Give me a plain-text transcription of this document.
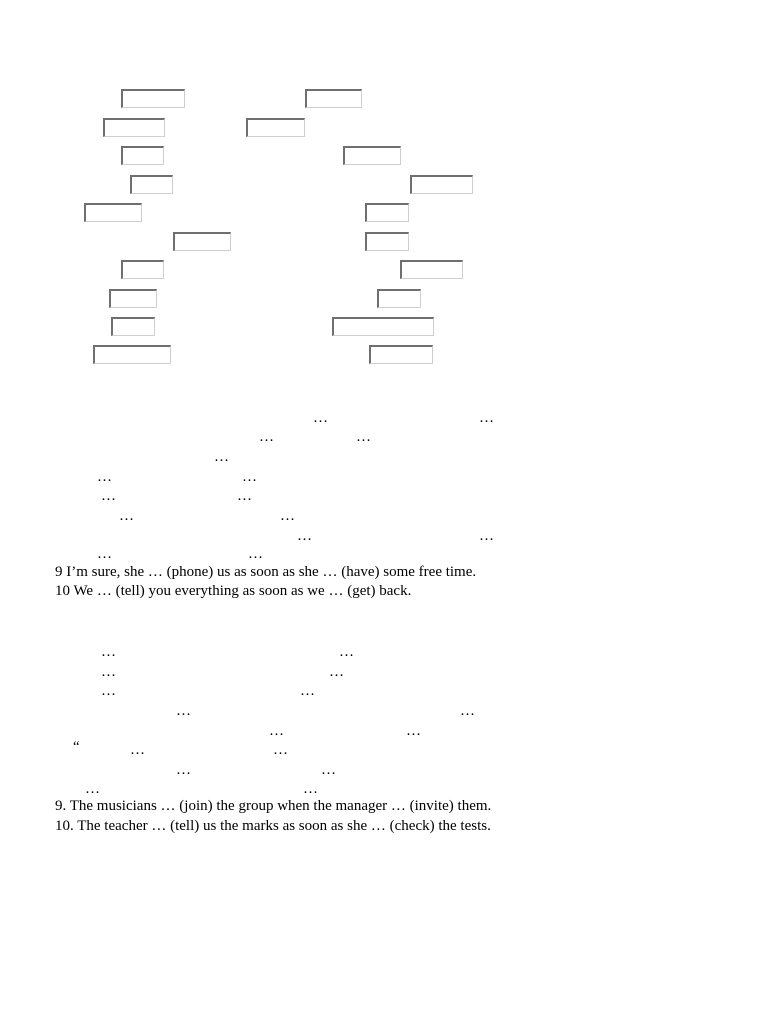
…	…
…	…
…
…	…
…	…
…	…
…	…
…	…
9 I’m sure, she … (phone) us as soon as she … (have) some free time.
10 We … (tell) you everything as soon as we … (get) back.
…	…
…	…
…	…
…	…
…	…
“	…	…
…	…
…	…
9. The musicians … (join) the group when the manager … (invite) them.
10. The teacher … (tell) us the marks as soon as she … (check) the tests.
